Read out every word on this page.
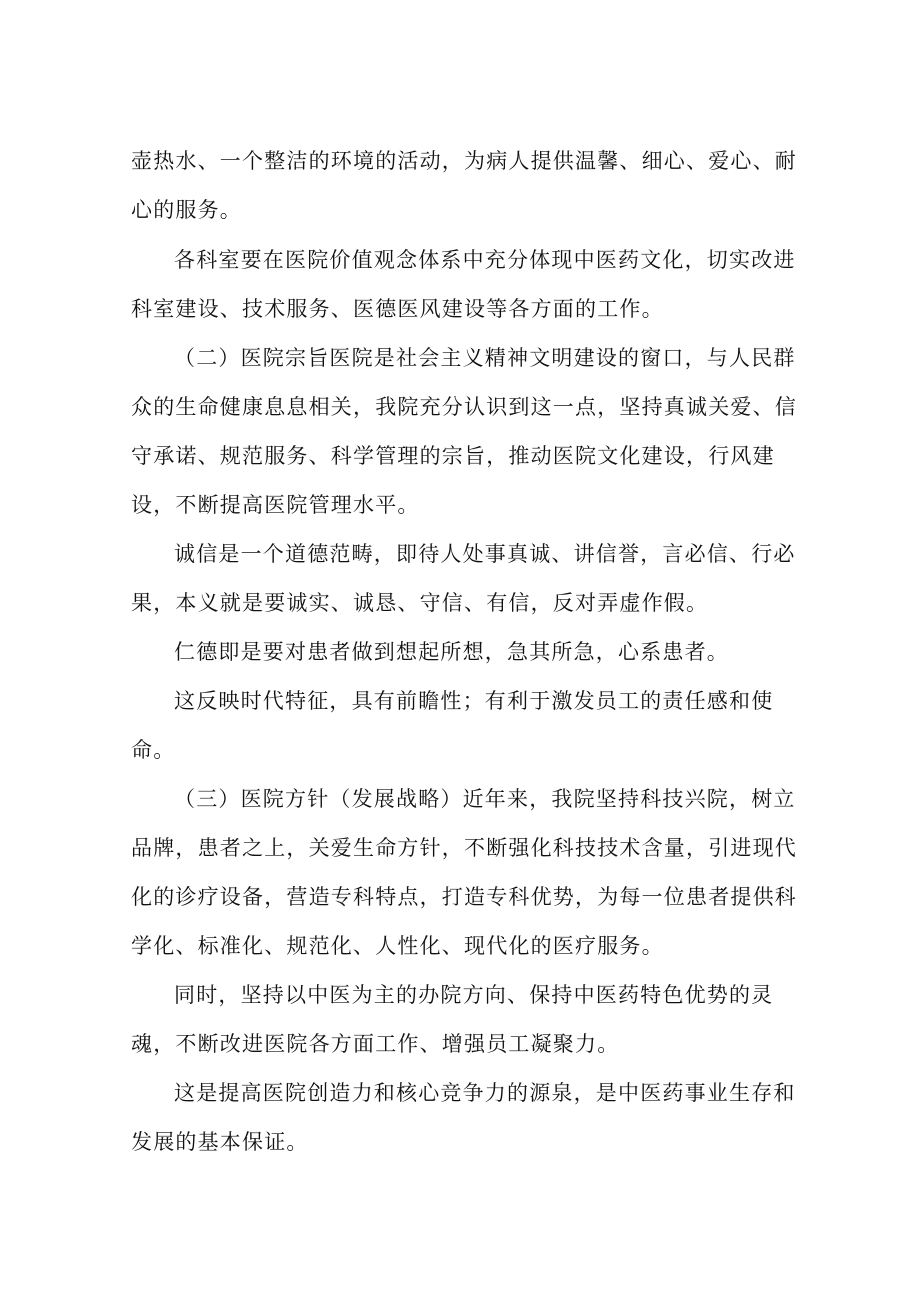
壶热水、一个整洁的环境的活动，为病人提供温馨、细心、爱心、耐
心的服务。
各科室要在医院价值观念体系中充分体现中医药文化，切实改进
科室建设、技术服务、医德医风建设等各方面的工作。
（二）医院宗旨医院是社会主义精神文明建设的窗口，与人民群
众的生命健康息息相关，我院充分认识到这一点，坚持真诚关爱、信
守承诺、规范服务、科学管理的宗旨，推动医院文化建设，行风建
设，不断提高医院管理水平。
诚信是一个道德范畴，即待人处事真诚、讲信誉，言必信、行必
果，本义就是要诚实、诚恳、守信、有信，反对弄虚作假。
仁德即是要对患者做到想起所想，急其所急，心系患者。
这反映时代特征，具有前瞻性；有利于激发员工的责任感和使
命。
（三）医院方针（发展战略）近年来，我院坚持科技兴院，树立
品牌，患者之上，关爱生命方针，不断强化科技技术含量，引进现代
化的诊疗设备，营造专科特点，打造专科优势，为每一位患者提供科
学化、标准化、规范化、人性化、现代化的医疗服务。
同时，坚持以中医为主的办院方向、保持中医药特色优势的灵
魂，不断改进医院各方面工作、增强员工凝聚力。
这是提高医院创造力和核心竞争力的源泉，是中医药事业生存和
发展的基本保证。
